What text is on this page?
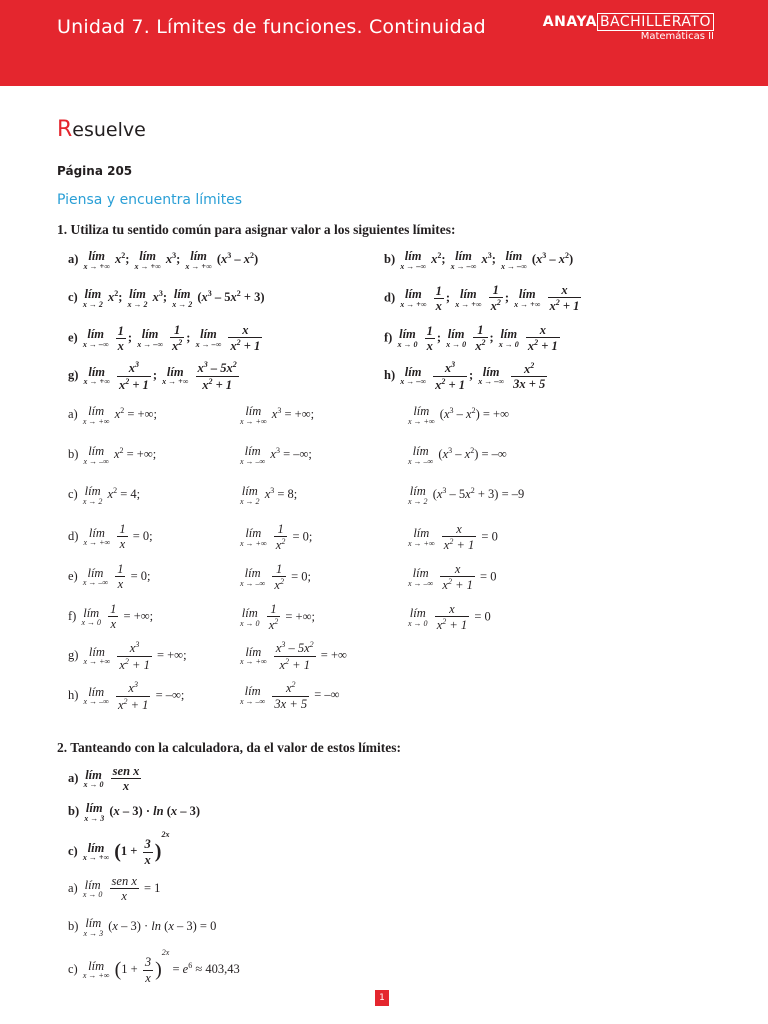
Unidad 7. Límites de funciones. Continuidad	ANAYA BACHILLERATO
Matemáticas II
Resuelve
Página 205
Piensa y encuentra límites
1. Utiliza tu sentido común para asignar valor a los siguientes límites:
a) lím
x → +∞ $x^2$; lím
x → +∞ $x^3$; lím
x → +∞ $(x^3 - x^2)$	b) lím
x → –∞ $x^2$; lím
x → –∞ $x^3$; lím
x → –∞ $(x^3 - x^2)$
c) lím
x → 2 $x^2$; lím
x → 2 $x^3$; lím
x → 2 $(x^3 - 5x^2 + 3)$	d) lím
x → +∞
$\frac{1}{x}$ ; lím
x → +∞
$\frac{1}{x^2}$ ; lím
x → +∞
$\frac{x}{x^2 + 1}$
e) lím
x → –∞
$\frac{1}{x}$ ; lím
x → –∞
$\frac{1}{x^2}$ ; lím
x → –∞
$\frac{x}{x^2 + 1}$	f) lím
x → 0
$\frac{1}{x}$ ; lím
x → 0
$\frac{1}{x^2}$ ; lím
x → 0
$\frac{x}{x^2 + 1}$
g) lím
x → +∞
$\frac{x^3}{x^2 + 1}$ ; lím
x → +∞
$\frac{x^3 - 5x^2}{x^2 + 1}$	h) lím
x → –∞
$\frac{x^3}{x^2 + 1}$ ; lím
x → –∞
$\frac{x^2}{3x + 5}$
a) lím
x → +∞ $x^2$ = +∞;	lím
x → +∞ $x^3$ = +∞;	lím
x → +∞ $(x^3 - x^2)$ = +∞
b) lím
x → –∞ $x^2$ = +∞;	lím
x → –∞ $x^3$ = –∞;	lím
x → –∞ $(x^3 - x^2)$ = –∞
c) lím
x → 2 $x^2 = 4$;	lím
x → 2 $x^3 = 8$;	lím
x → 2 $(x^3 - 5x^2 + 3) = -9$
d) lím
x → +∞
$\frac{1}{x} = 0$;	lím
x → +∞
$\frac{1}{x^2} = 0$;	lím
x → +∞
$\frac{x}{x^2 + 1} = 0$
e) lím
x → –∞
$\frac{1}{x} = 0$;	lím
x → –∞
$\frac{1}{x^2} = 0$;	lím
x → –∞
$\frac{x}{x^2 + 1} = 0$
f) lím
x → 0
$\frac{1}{x}$ = +∞;	lím
x → 0
$\frac{1}{x^2}$ = +∞;	lím
x → 0
$\frac{x}{x^2 + 1} = 0$
g) lím
x → +∞
$\frac{x^3}{x^2 + 1}$ = +∞;	lím
x → +∞
$\frac{x^3 - 5x^2}{x^2 + 1}$ = +∞
h) lím
x → –∞
$\frac{x^3}{x^2 + 1}$ = –∞;	lím
x → –∞
$\frac{x^2}{3x + 5}$ = –∞
2. Tanteando con la calculadora, da el valor de estos límites:
a) lím
x → 0
$\frac{\text{sen x}}{x}$
b) lím
x → 3 (x – 3) · ln (x – 3)
c) lím
x → +∞ $(1 + \frac{3}{x} )^{2x}$
a) lím
x → 0
$\frac{\text{sen x}}{x} = 1$
b) lím
x → 3 (x – 3) · ln (x – 3) = 0
c) lím
x → +∞ $(1 + \frac{3}{x} )^{2x} = e^6 \approx 403,43$
1
